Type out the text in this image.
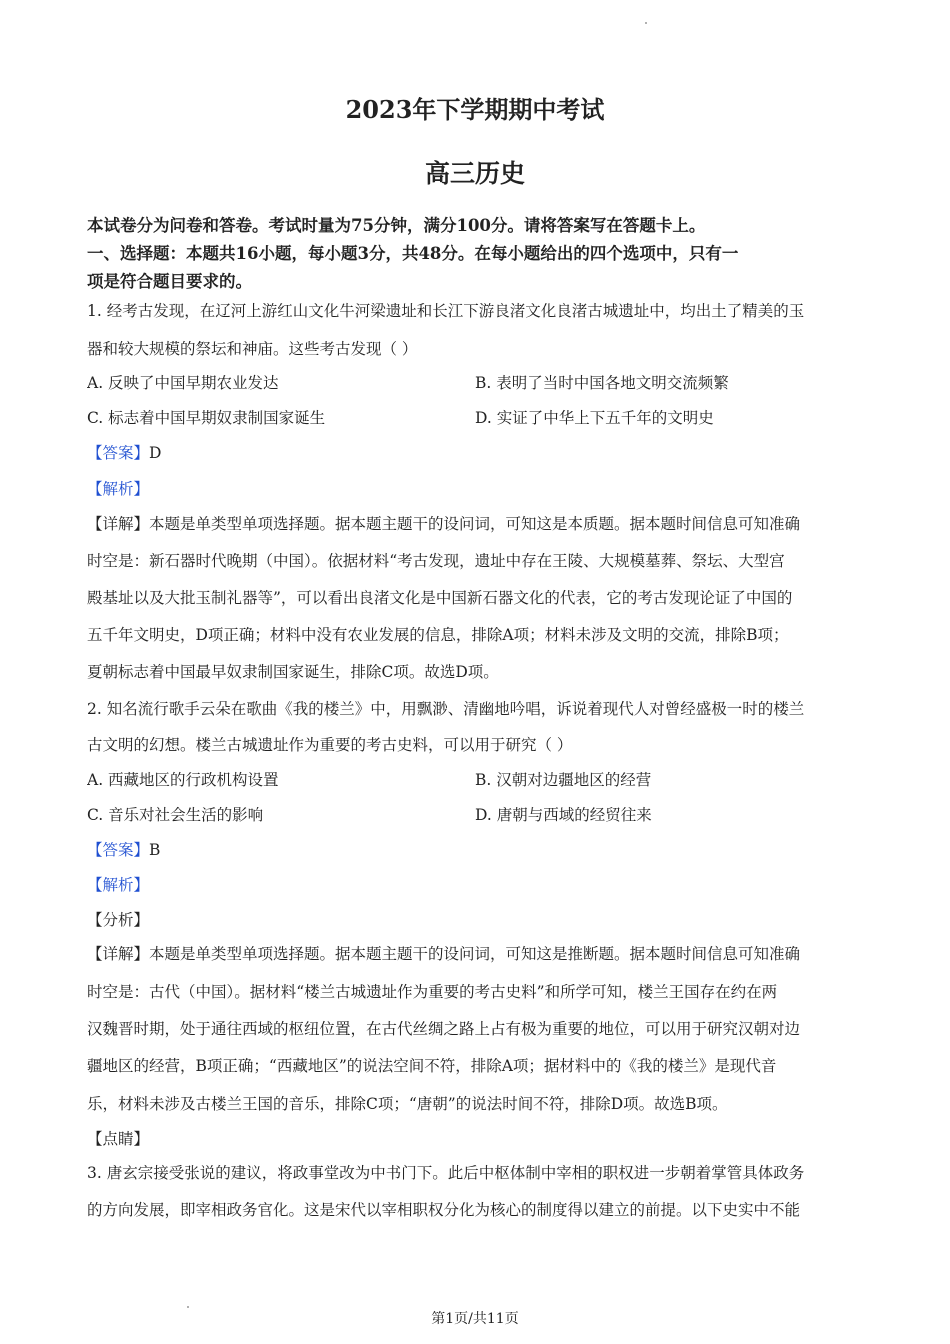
2023年下学期期中考试
高三历史
本试卷分为问卷和答卷。考试时量为75分钟，满分100分。请将答案写在答题卡上。
一、选择题：本题共16小题，每小题3分，共48分。在每小题给出的四个选项中，只有一
项是符合题目要求的。
1. 经考古发现，在辽河上游红山文化牛河梁遗址和长江下游良渚文化良渚古城遗址中，均出土了精美的玉
器和较大规模的祭坛和神庙。这些考古发现（ ）
A. 反映了中国早期农业发达	B. 表明了当时中国各地文明交流频繁
C. 标志着中国早期奴隶制国家诞生	D. 实证了中华上下五千年的文明史
【答案】D
【解析】
【详解】本题是单类型单项选择题。据本题主题干的设问词，可知这是本质题。据本题时间信息可知准确
时空是：新石器时代晚期（中国）。依据材料“考古发现，遗址中存在王陵、大规模墓葬、祭坛、大型宫
殿基址以及大批玉制礼器等”，可以看出良渚文化是中国新石器文化的代表，它的考古发现论证了中国的
五千年文明史，D项正确；材料中没有农业发展的信息，排除A项；材料未涉及文明的交流，排除B项；
夏朝标志着中国最早奴隶制国家诞生，排除C项。故选D项。
2. 知名流行歌手云朵在歌曲《我的楼兰》中，用飘渺、清幽地吟唱，诉说着现代人对曾经盛极一时的楼兰
古文明的幻想。楼兰古城遗址作为重要的考古史料，可以用于研究（ ）
A. 西藏地区的行政机构设置	B. 汉朝对边疆地区的经营
C. 音乐对社会生活的影响	D. 唐朝与西域的经贸往来
【答案】B
【解析】
【分析】
【详解】本题是单类型单项选择题。据本题主题干的设问词，可知这是推断题。据本题时间信息可知准确
时空是：古代（中国）。据材料“楼兰古城遗址作为重要的考古史料”和所学可知，楼兰王国存在约在两
汉魏晋时期，处于通往西域的枢纽位置，在古代丝绸之路上占有极为重要的地位，可以用于研究汉朝对边
疆地区的经营，B项正确；“西藏地区”的说法空间不符，排除A项；据材料中的《我的楼兰》是现代音
乐，材料未涉及古楼兰王国的音乐，排除C项；“唐朝”的说法时间不符，排除D项。故选B项。
【点睛】
3. 唐玄宗接受张说的建议，将政事堂改为中书门下。此后中枢体制中宰相的职权进一步朝着掌管具体政务
的方向发展，即宰相政务官化。这是宋代以宰相职权分化为核心的制度得以建立的前提。以下史实中不能
第1页/共11页
